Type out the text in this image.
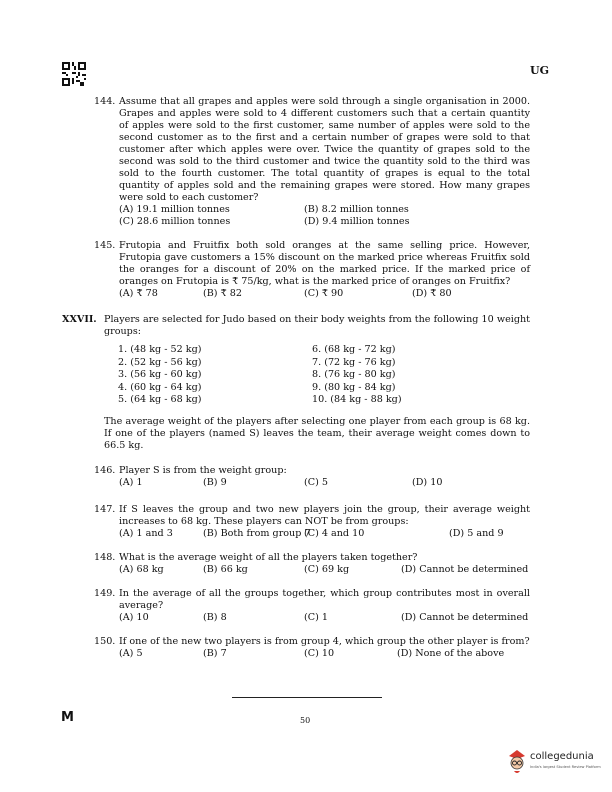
UG
144. Assume that all grapes and apples were sold through a single organisation in 2000. Grapes and apples were sold to 4 different customers such that a certain quantity of apples were sold to the first customer, same number of apples were sold to the second customer as to the first and a certain number of grapes were sold to that customer after which apples were over. Twice the quantity of grapes sold to the second was sold to the third customer and twice the quantity sold to the third was sold to the fourth customer. The total quantity of grapes is equal to the total quantity of apples sold and the remaining grapes were stored. How many grapes were sold to each customer?
(A) 19.1 million tonnes	(B) 8.2 million tonnes
(C) 28.6 million tonnes	(D) 9.4 million tonnes
145. Frutopia and Fruitfix both sold oranges at the same selling price. However, Frutopia gave customers a 15% discount on the marked price whereas Fruitfix sold the oranges for a discount of 20% on the marked price. If the marked price of oranges on Frutopia is ₹ 75/kg, what is the marked price of oranges on Fruitfix?
(A) ₹ 78	(B) ₹ 82	(C) ₹ 90	(D) ₹ 80
XXVII. Players are selected for Judo based on their body weights from the following 10 weight groups:
1. (48 kg - 52 kg)
2. (52 kg - 56 kg)
3. (56 kg - 60 kg)
4. (60 kg - 64 kg)
5. (64 kg - 68 kg)
6. (68 kg - 72 kg)
7. (72 kg - 76 kg)
8. (76 kg - 80 kg)
9. (80 kg - 84 kg)
10. (84 kg - 88 kg)
The average weight of the players after selecting one player from each group is 68 kg. If one of the players (named S) leaves the team, their average weight comes down to 66.5 kg.
146. Player S is from the weight group:
(A) 1	(B) 9	(C) 5	(D) 10
147. If S leaves the group and two new players join the group, their average weight increases to 68 kg. These players can NOT be from groups:
(A) 1 and 3	(B) Both from group 7
(C) 4 and 10	(D) 5 and 9
148. What is the average weight of all the players taken together?
(A) 68 kg	(B) 66 kg	(C) 69 kg	(D) Cannot be determined
149. In the average of all the groups together, which group contributes most in overall average?
(A) 10	(B) 8	(C) 1	(D) Cannot be determined
150. If one of the new two players is from group 4, which group the other player is from?
(A) 5	(B) 7	(C) 10	(D) None of the above
M	50
collegedunia
India's largest Student Review Platform
